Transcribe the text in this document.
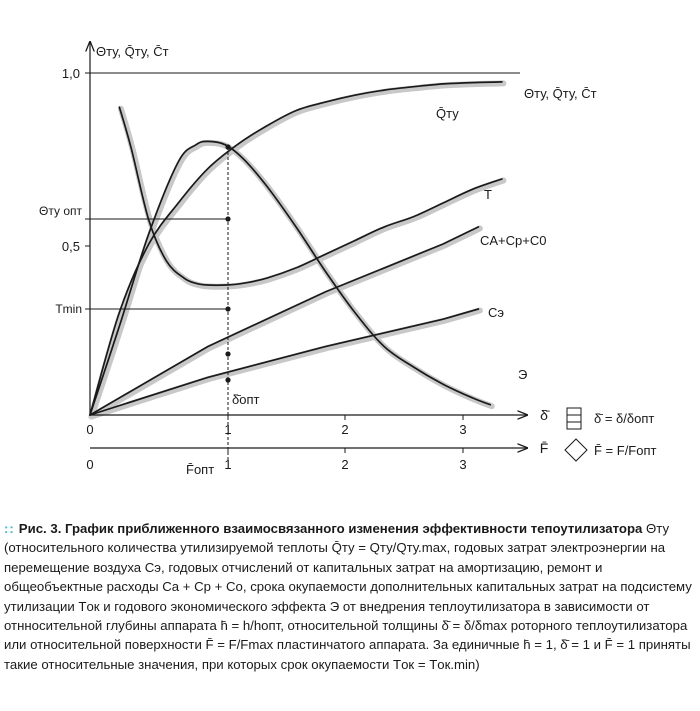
Θту, Q̄ту, C̄т
1,0
0,5
Θту опт
Tmin
0	1	2	3
δ̄
0	1	2	3
F̄
δ̄опт
F̄опт
Θту, Q̄ту, C̄т
Q̄ту
T
CA+Cp+C0
Cэ
Э
δ̄ = δ/δопт
F̄ = F/Fопт
:: Рис. 3. График приближенного взаимосвязанного изменения эффективности тепоутилизатора Θту (относительного количества утилизируемой теплоты Q̄ту = Qту/Qту.max, годовых затрат электроэнергии на перемещение воздуха Cэ, годовых отчислений от капитальных затрат на амортизацию, ремонт и общеобъектные расходы Cа + Cр + Cо, срока окупаемости дополнительных капитальных затрат на подсистему утилизации Tок и годового экономического эффекта Э от внедрения теплоутилизатора в зависимости от отнносительной глубины аппарата h̄ = h/hопт, относительной толщины δ̄ = δ/δmax роторного теплоутилизатора или относительной поверхности F̄ = F/Fmax пластинчатого аппарата. За единичные h̄ = 1, δ̄ = 1 и F̄ = 1 приняты такие относительные значения, при которых срок окупаемости Tок = Tок.min)
